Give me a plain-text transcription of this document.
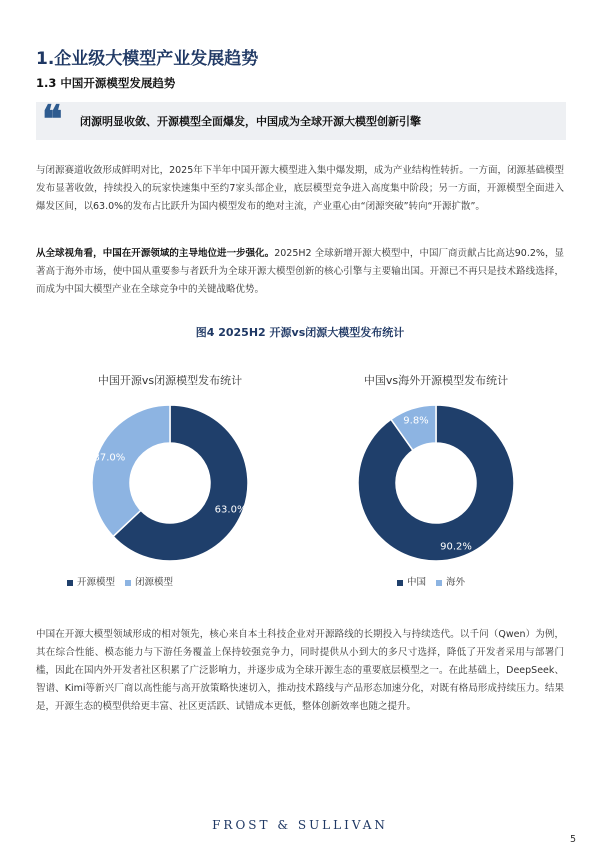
1.企业级大模型产业发展趋势
1.3 中国开源模型发展趋势
❝ 闭源明显收敛、开源模型全面爆发，中国成为全球开源大模型创新引擎

与闭源赛道收敛形成鲜明对比，2025年下半年中国开源大模型进入集中爆发期，成为产业结构性转折。一方面，闭源基础模型发布显著收敛，持续投入的玩家快速集中至约7家头部企业，底层模型竞争进入高度集中阶段；另一方面，开源模型全面进入爆发区间，以63.0%的发布占比跃升为国内模型发布的绝对主流，产业重心由“闭源突破”转向“开源扩散”。

从全球视角看，中国在开源领域的主导地位进一步强化。2025H2 全球新增开源大模型中，中国厂商贡献占比高达90.2%，显著高于海外市场，使中国从重要参与者跃升为全球开源大模型创新的核心引擎与主要输出国。开源已不再只是技术路线选择，而成为中国大模型产业在全球竞争中的关键战略优势。

图4 2025H2 开源vs闭源大模型发布统计
中国开源vs闭源模型发布统计
63.0%
37.0%
开源模型 闭源模型
中国vs海外开源模型发布统计
90.2%
9.8%
中国 海外

中国在开源大模型领域形成的相对领先，核心来自本土科技企业对开源路线的长期投入与持续迭代。以千问（Qwen）为例，其在综合性能、模态能力与下游任务覆盖上保持较强竞争力，同时提供从小到大的多尺寸选择，降低了开发者采用与部署门槛，因此在国内外开发者社区积累了广泛影响力，并逐步成为全球开源生态的重要底层模型之一。在此基础上，DeepSeek、智谱、Kimi等新兴厂商以高性能与高开放策略快速切入，推动技术路线与产品形态加速分化，对既有格局形成持续压力。结果是，开源生态的模型供给更丰富、社区更活跃、试错成本更低，整体创新效率也随之提升。

FROST & SULLIVAN
5
